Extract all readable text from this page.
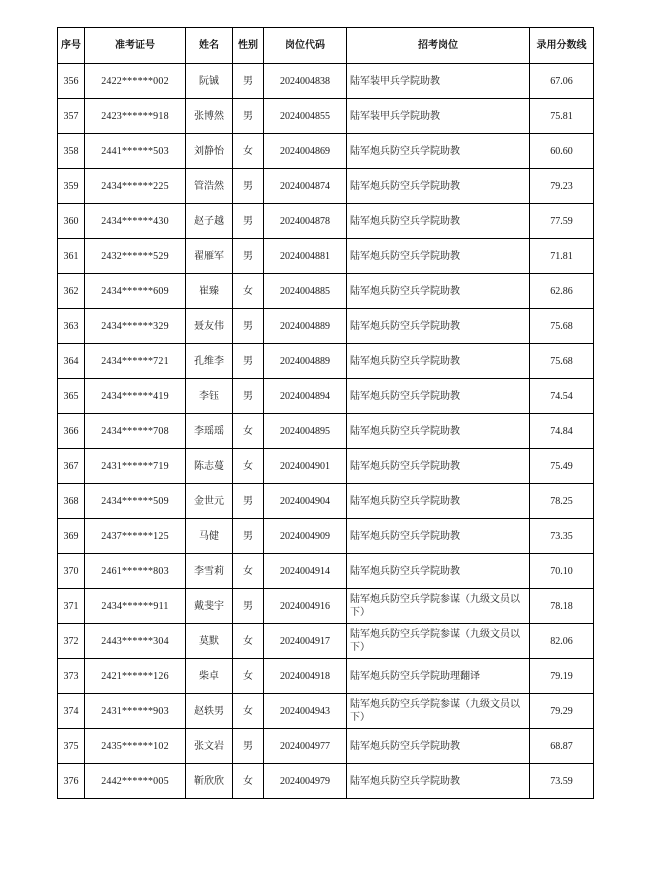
序号	准考证号	姓名	性别	岗位代码	招考岗位	录用分数线
356	2422******002	阮铖	男	2024004838	陆军装甲兵学院助教	67.06
357	2423******918	张博然	男	2024004855	陆军装甲兵学院助教	75.81
358	2441******503	刘静怡	女	2024004869	陆军炮兵防空兵学院助教	60.60
359	2434******225	管浩然	男	2024004874	陆军炮兵防空兵学院助教	79.23
360	2434******430	赵子越	男	2024004878	陆军炮兵防空兵学院助教	77.59
361	2432******529	翟雁军	男	2024004881	陆军炮兵防空兵学院助教	71.81
362	2434******609	崔臻	女	2024004885	陆军炮兵防空兵学院助教	62.86
363	2434******329	聂友伟	男	2024004889	陆军炮兵防空兵学院助教	75.68
364	2434******721	孔维李	男	2024004889	陆军炮兵防空兵学院助教	75.68
365	2434******419	李钰	男	2024004894	陆军炮兵防空兵学院助教	74.54
366	2434******708	李瑶瑶	女	2024004895	陆军炮兵防空兵学院助教	74.84
367	2431******719	陈志蔓	女	2024004901	陆军炮兵防空兵学院助教	75.49
368	2434******509	金世元	男	2024004904	陆军炮兵防空兵学院助教	78.25
369	2437******125	马健	男	2024004909	陆军炮兵防空兵学院助教	73.35
370	2461******803	李雪莉	女	2024004914	陆军炮兵防空兵学院助教	70.10
371	2434******911	戴斐宇	男	2024004916	陆军炮兵防空兵学院参谋（九级文员以下）	78.18
372	2443******304	莫默	女	2024004917	陆军炮兵防空兵学院参谋（九级文员以下）	82.06
373	2421******126	柴卓	女	2024004918	陆军炮兵防空兵学院助理翻译	79.19
374	2431******903	赵轶男	女	2024004943	陆军炮兵防空兵学院参谋（九级文员以下）	79.29
375	2435******102	张文岩	男	2024004977	陆军炮兵防空兵学院助教	68.87
376	2442******005	靳欣欣	女	2024004979	陆军炮兵防空兵学院助教	73.59
